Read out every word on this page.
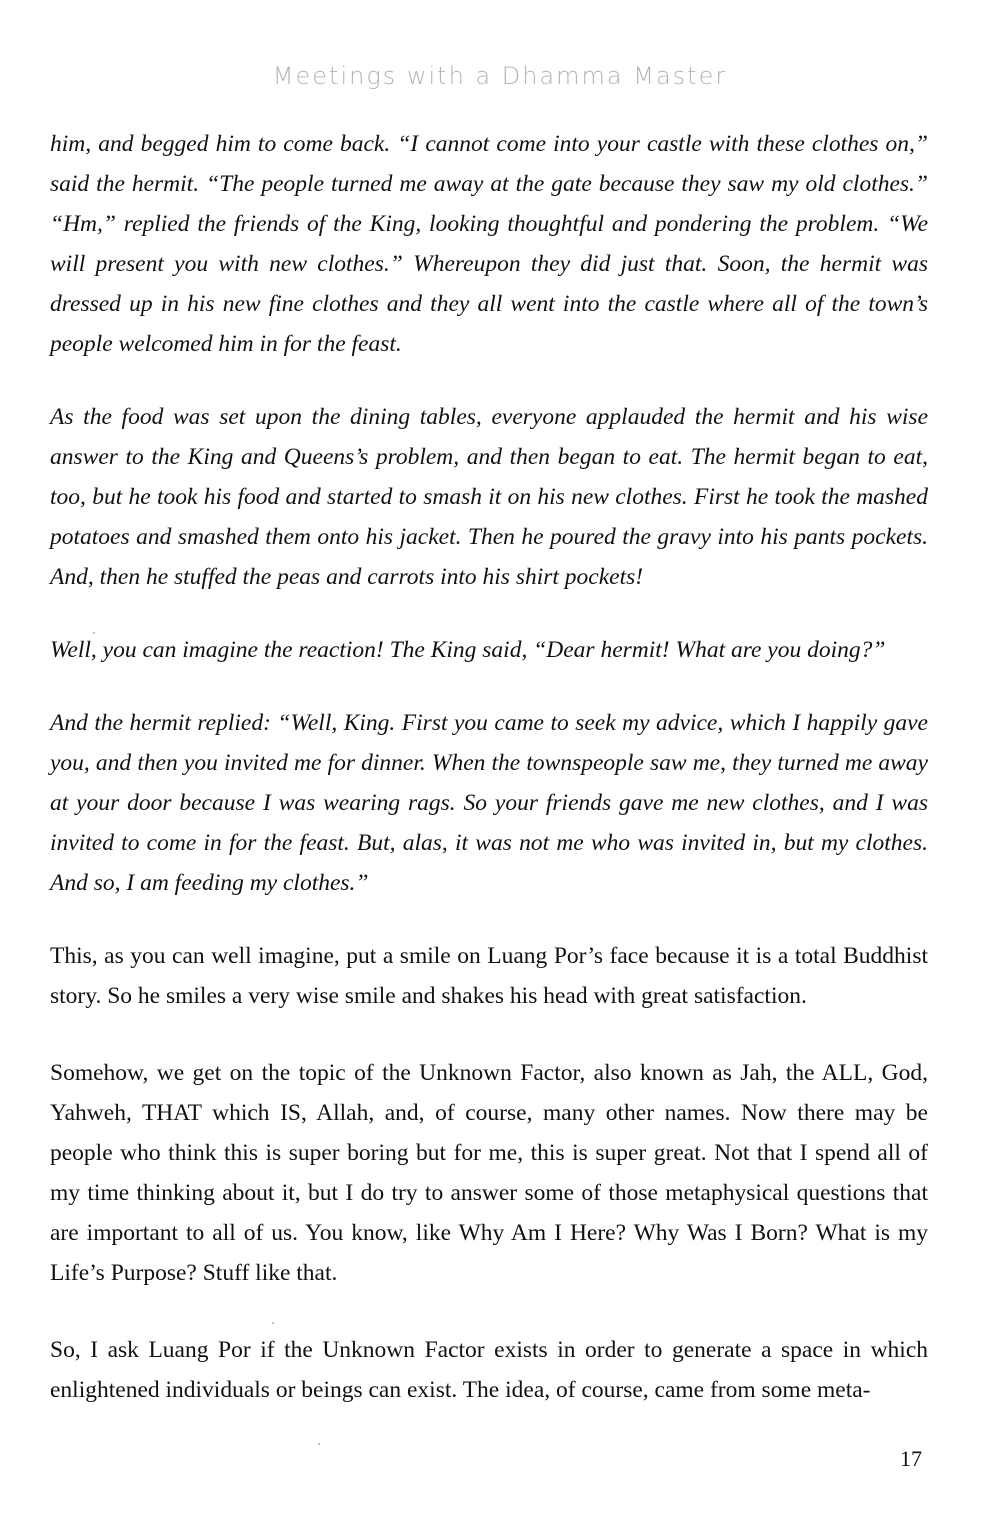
Meetings with a Dhamma Master

him, and begged him to come back. “I cannot come into your castle with these clothes on,” said the hermit. “The people turned me away at the gate because they saw my old clothes.” “Hm,” replied the friends of the King, looking thoughtful and pondering the problem. “We will present you with new clothes.” Whereupon they did just that. Soon, the hermit was dressed up in his new fine clothes and they all went into the castle where all of the town’s people welcomed him in for the feast.

As the food was set upon the dining tables, everyone applauded the hermit and his wise answer to the King and Queens’s problem, and then began to eat. The hermit began to eat, too, but he took his food and started to smash it on his new clothes. First he took the mashed potatoes and smashed them onto his jacket. Then he poured the gravy into his pants pockets. And, then he stuffed the peas and carrots into his shirt pockets!

Well, you can imagine the reaction! The King said, “Dear hermit! What are you doing?”

And the hermit replied: “Well, King. First you came to seek my advice, which I happily gave you, and then you invited me for dinner. When the townspeople saw me, they turned me away at your door because I was wearing rags. So your friends gave me new clothes, and I was invited to come in for the feast. But, alas, it was not me who was invited in, but my clothes. And so, I am feeding my clothes.”

This, as you can well imagine, put a smile on Luang Por’s face because it is a total Buddhist story. So he smiles a very wise smile and shakes his head with great satisfaction.

Somehow, we get on the topic of the Unknown Factor, also known as Jah, the ALL, God, Yahweh, THAT which IS, Allah, and, of course, many other names. Now there may be people who think this is super boring but for me, this is super great. Not that I spend all of my time thinking about it, but I do try to answer some of those metaphysical questions that are important to all of us. You know, like Why Am I Here? Why Was I Born? What is my Life’s Purpose? Stuff like that.

So, I ask Luang Por if the Unknown Factor exists in order to generate a space in which enlightened individuals or beings can exist. The idea, of course, came from some meta-

17
